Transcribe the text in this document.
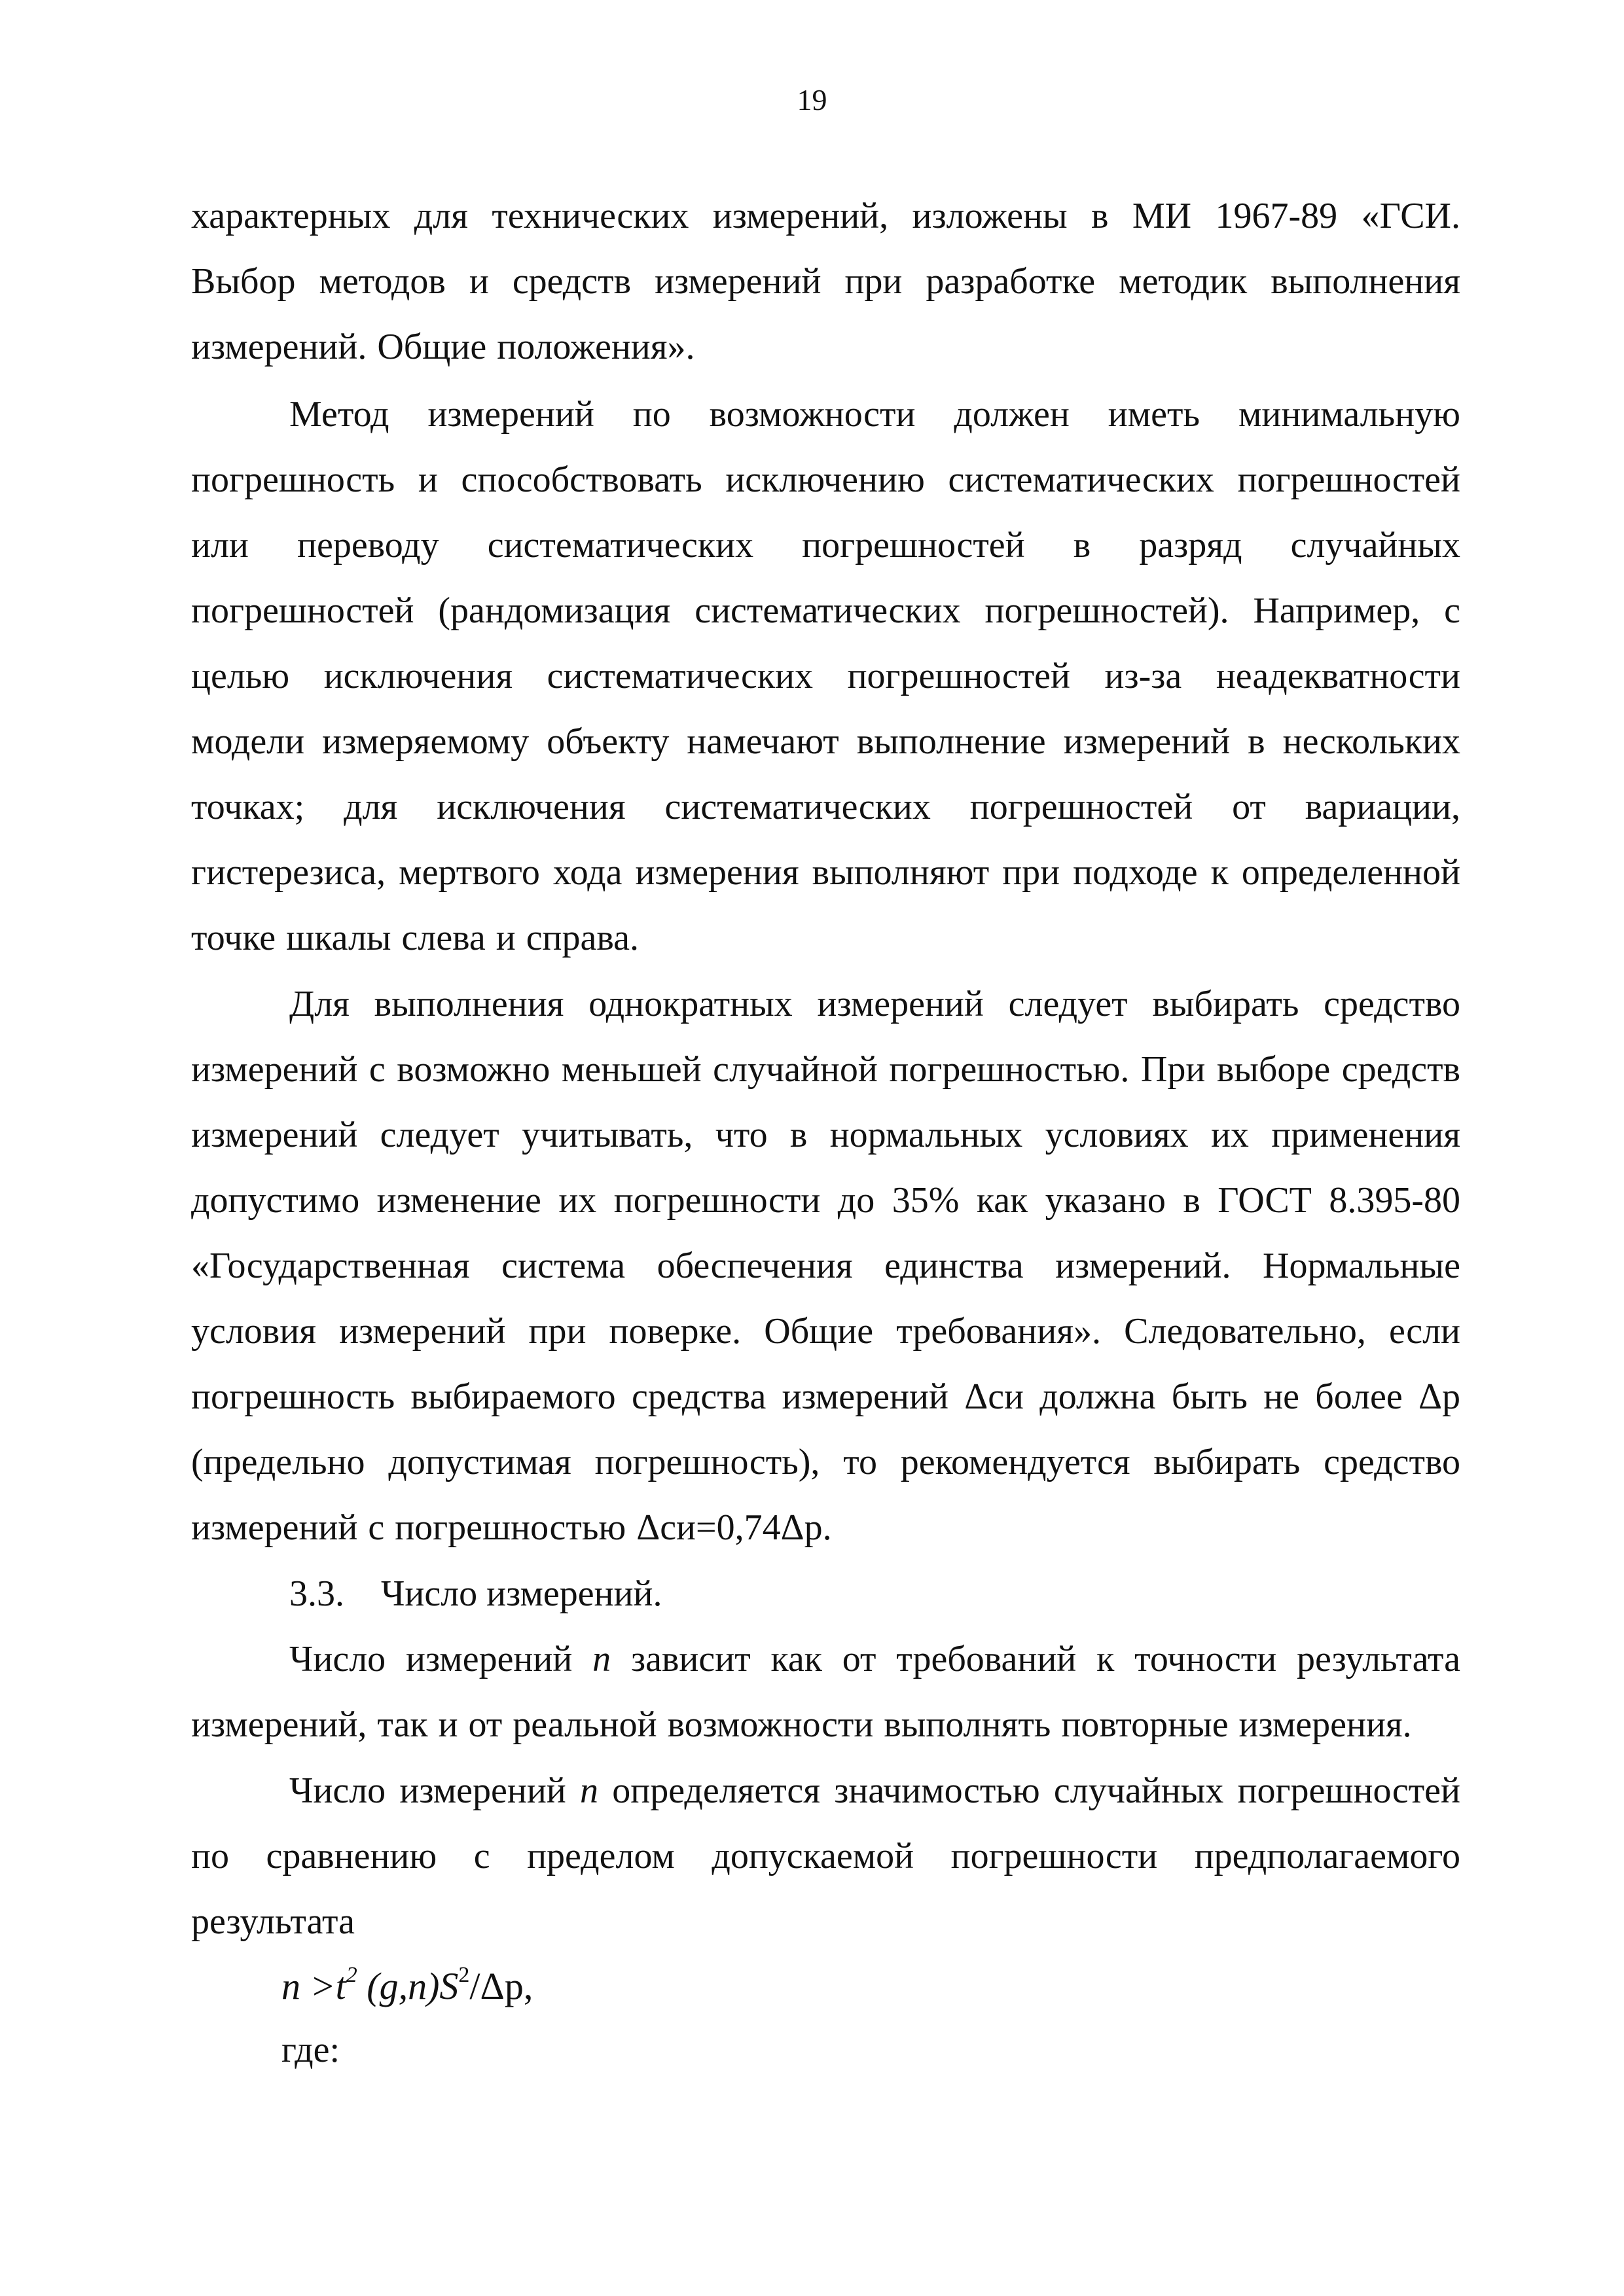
19
характерных для технических измерений, изложены в МИ 1967-89 «ГСИ. Выбор методов и средств измерений при разработке методик выполнения измерений. Общие положения».
Метод измерений по возможности должен иметь минимальную погрешность и способствовать исключению систематических погрешностей или переводу систематических погрешностей в разряд случайных погрешностей (рандомизация систематических погрешностей). Например, с целью исключения систематических погрешностей из-за неадекватности модели измеряемому объекту намечают выполнение измерений в нескольких точках; для исключения систематических погрешностей от вариации, гистерезиса, мертвого хода измерения выполняют при подходе к определенной точке шкалы слева и справа.
Для выполнения однократных измерений следует выбирать средство измерений с возможно меньшей случайной погрешностью. При выборе средств измерений следует учитывать, что в нормальных условиях их применения допустимо изменение их погрешности до 35% как указано в ГОСТ 8.395-80 «Государственная система обеспечения единства измерений. Нормальные условия измерений при поверке. Общие требования». Следовательно, если погрешность выбираемого средства измерений Δси должна быть не более Δр (предельно допустимая погрешность), то рекомендуется выбирать средство измерений с погрешностью Δси=0,74Δр.
3.3. Число измерений.
Число измерений n зависит как от требований к точности результата измерений, так и от реальной возможности выполнять повторные измерения.
Число измерений n определяется значимостью случайных погрешностей по сравнению с пределом допускаемой погрешности предполагаемого результата
$n >t^2$ $(g,n)S^2/\Delta р$,
где:
